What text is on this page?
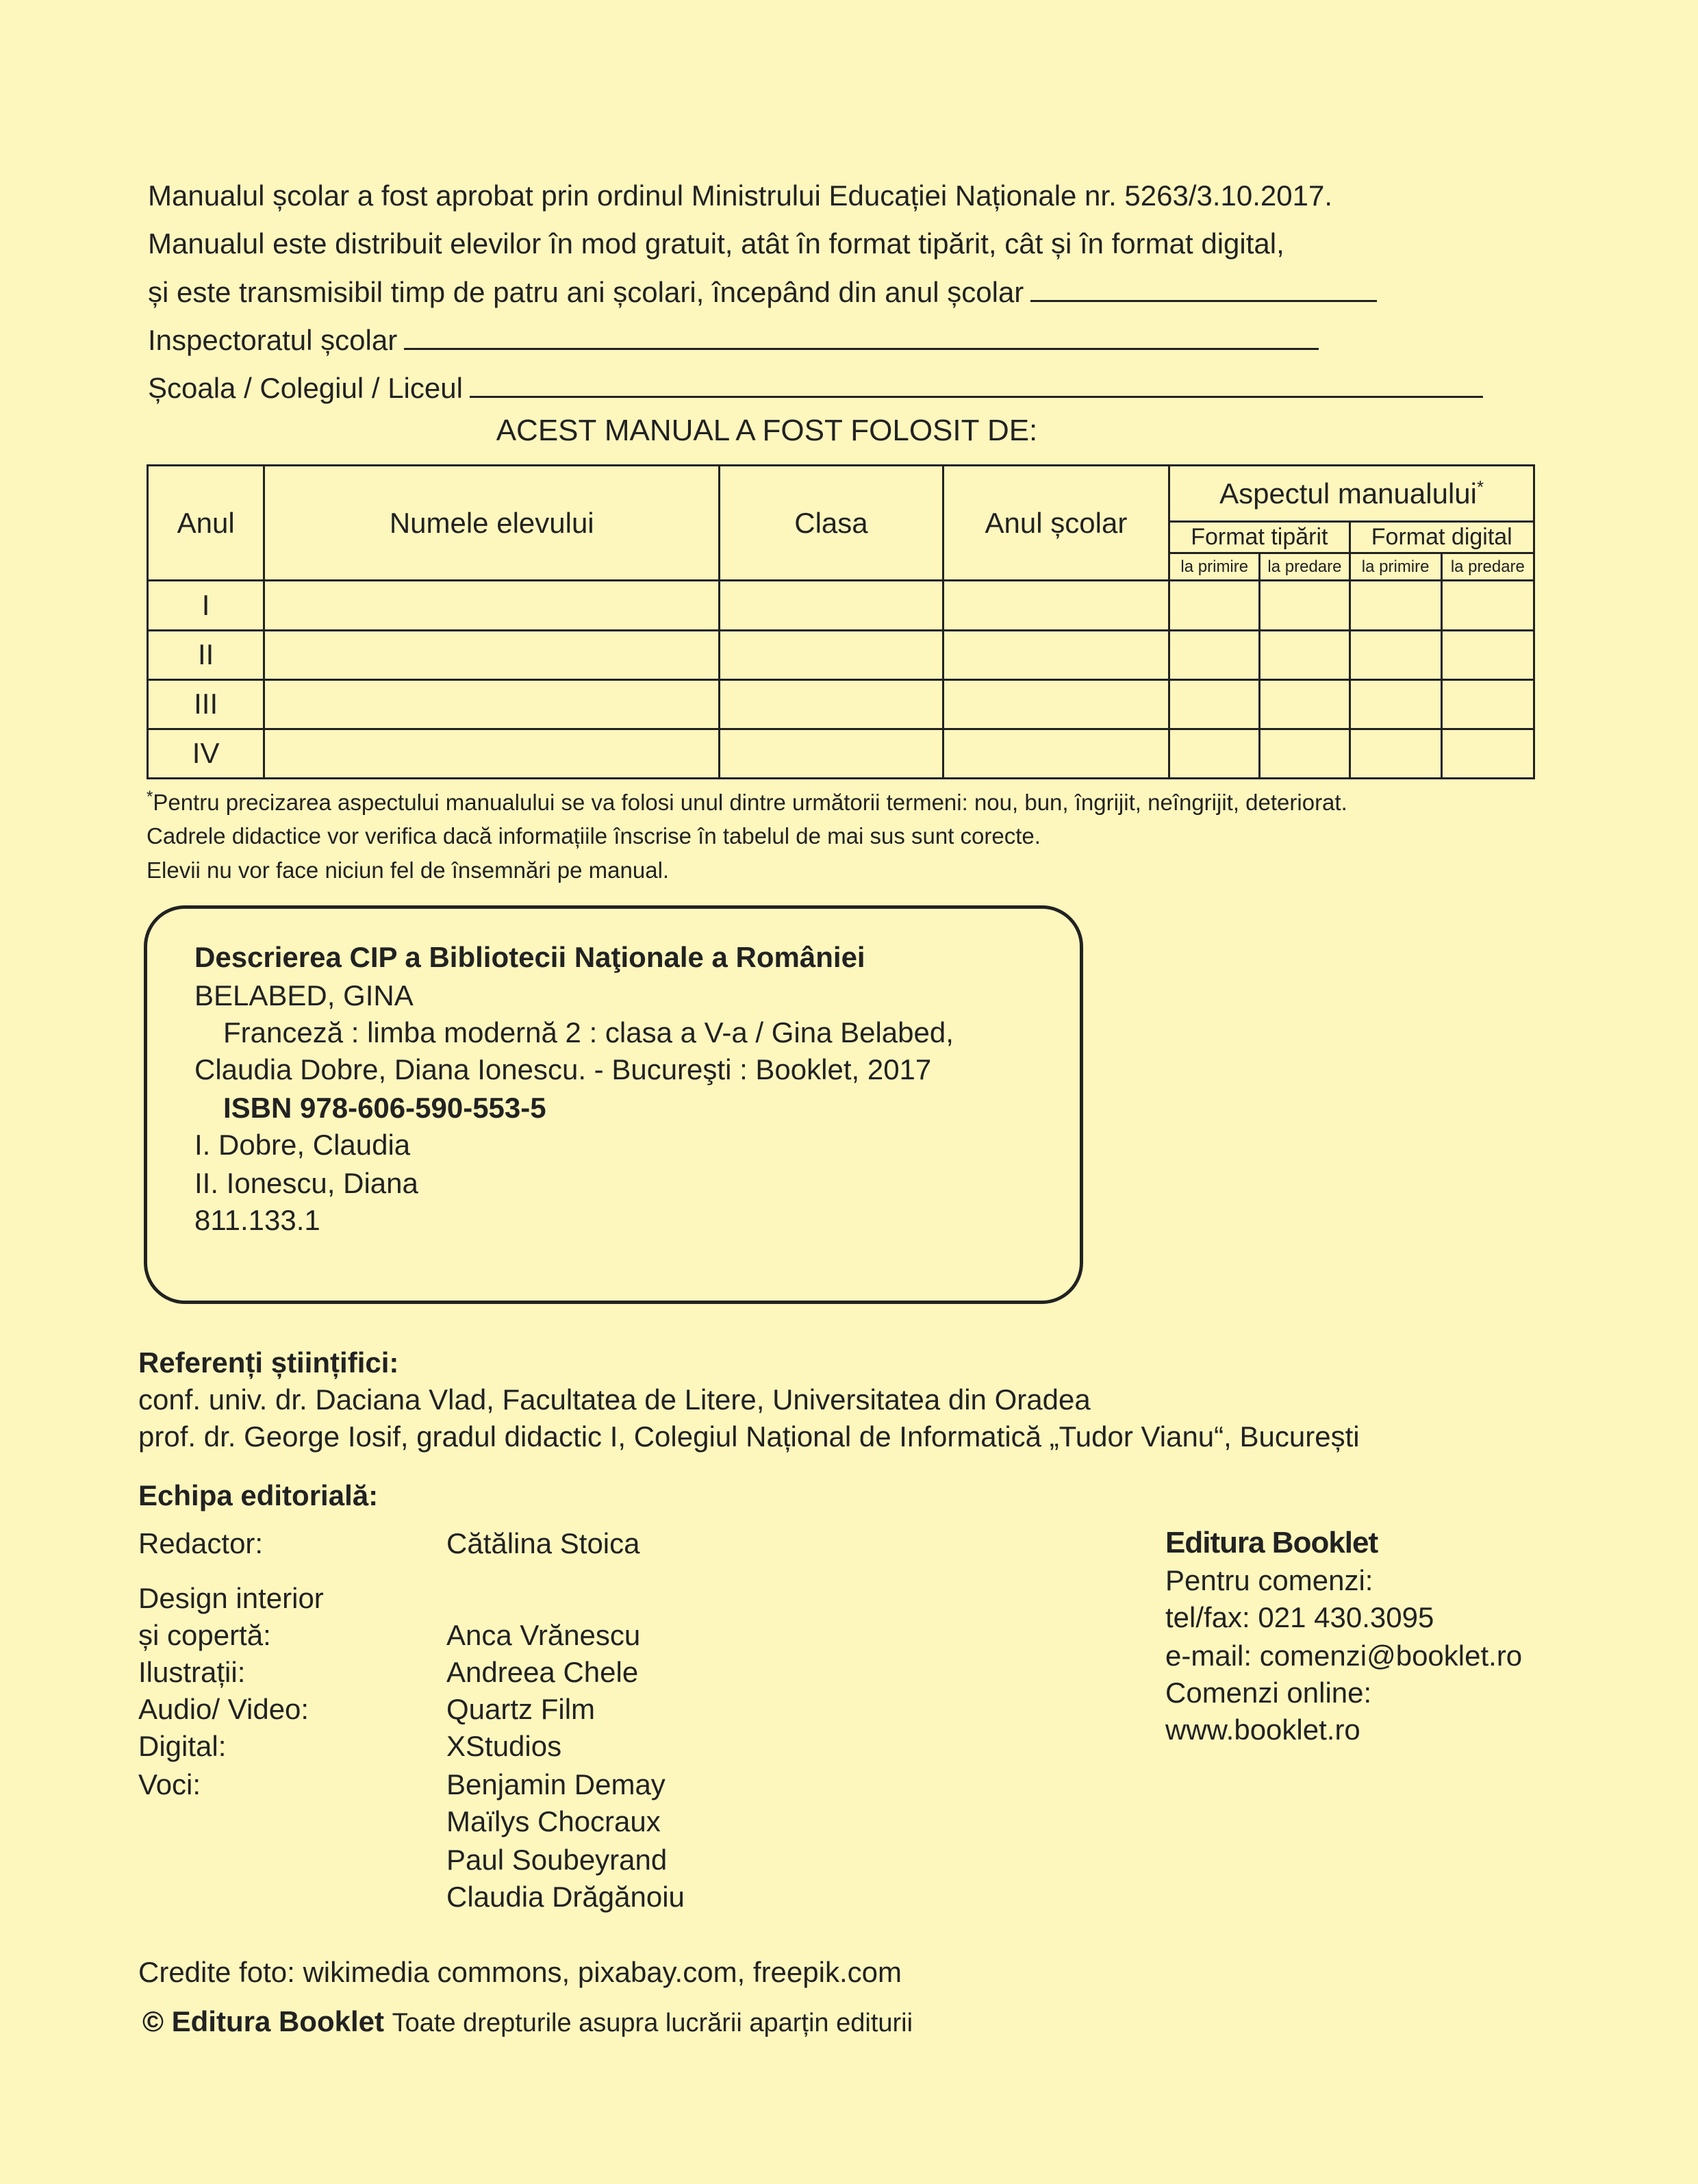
Manualul școlar a fost aprobat prin ordinul Ministrului Educației Naționale nr. 5263/3.10.2017.
Manualul este distribuit elevilor în mod gratuit, atât în format tipărit, cât și în format digital,
și este transmisibil timp de patru ani școlari, începând din anul școlar
Inspectoratul școlar
Școala / Colegiul / Liceul
ACEST MANUAL A FOST FOLOSIT DE:
Anul	Numele elevului	Clasa	Anul școlar	Aspectul manualului*
				Format tipărit		Format digital	
				la primire	la predare	la primire	la predare
I							
II							
III							
IV							
*Pentru precizarea aspectului manualului se va folosi unul dintre următorii termeni: nou, bun, îngrijit, neîngrijit, deteriorat.
Cadrele didactice vor verifica dacă informațiile înscrise în tabelul de mai sus sunt corecte.
Elevii nu vor face niciun fel de însemnări pe manual.
Descrierea CIP a Bibliotecii Naţionale a României
BELABED, GINA
Franceză : limba modernă 2 : clasa a V-a / Gina Belabed,
Claudia Dobre, Diana Ionescu. - Bucureşti : Booklet, 2017
ISBN 978-606-590-553-5
I. Dobre, Claudia
II. Ionescu, Diana
811.133.1
Referenți științifici:
conf. univ. dr. Daciana Vlad, Facultatea de Litere, Universitatea din Oradea
prof. dr. George Iosif, gradul didactic I, Colegiul Național de Informatică „Tudor Vianu“, București
Echipa editorială:
Redactor:	Cătălina Stoica
Design interior
și copertă:	Anca Vrănescu
Ilustrații:	Andreea Chele
Audio/ Video:	Quartz Film
Digital:	XStudios
Voci:	Benjamin Demay
Maïlys Chocraux
Paul Soubeyrand
Claudia Drăgănoiu
Editura Booklet
Pentru comenzi:
tel/fax: 021 430.3095
e-mail: comenzi@booklet.ro
Comenzi online:
www.booklet.ro
Credite foto: wikimedia commons, pixabay.com, freepik.com
© Editura Booklet Toate drepturile asupra lucrării aparțin editurii
